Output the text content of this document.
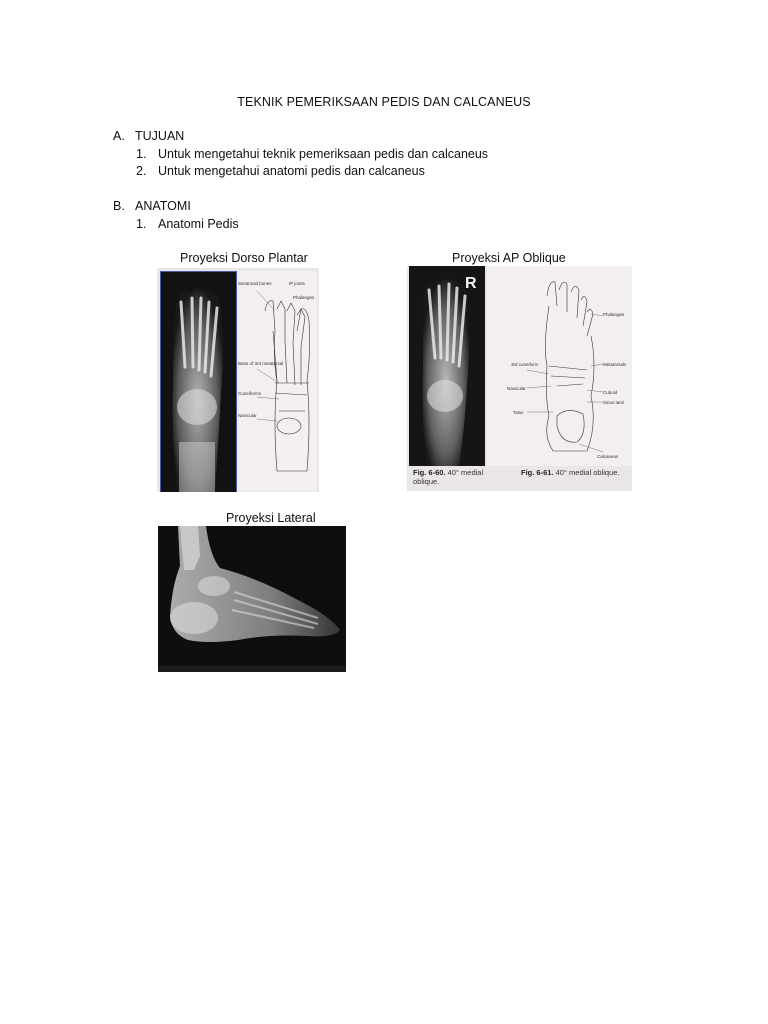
TEKNIK PEMERIKSAAN PEDIS DAN CALCANEUS
A. TUJUAN
1. Untuk mengetahui teknik pemeriksaan pedis dan calcaneus
2. Untuk mengetahui anatomi pedis dan calcaneus
B. ANATOMI
1. Anatomi Pedis
Proyeksi Dorso Plantar	Proyeksi AP Oblique
Proyeksi Lateral
Sesamoid bones	IP joints
Phalanges
Base of 3rd metatarsal
Cuneiforms
Navicular
R
Phalanges
Metatarsals
3rd cuneiform
Navicular
Cuboid
Sinus tarsi
Talus
Calcaneus
Fig. 6-60. 40° medial oblique.
Fig. 6-61. 40° medial oblique.
